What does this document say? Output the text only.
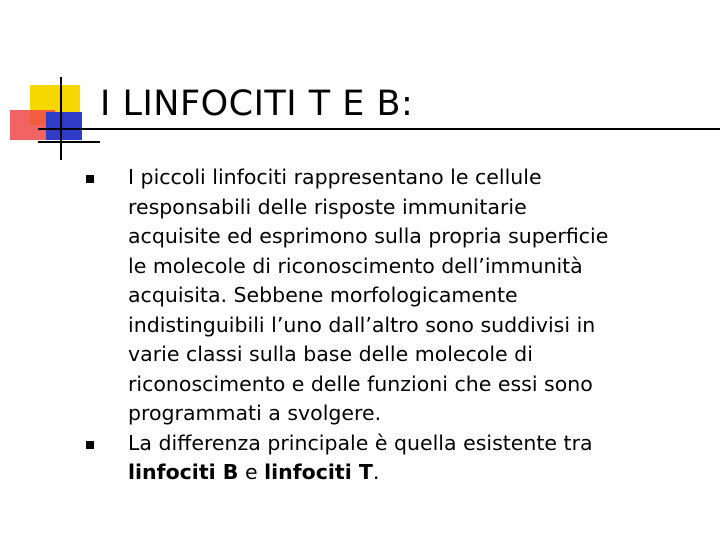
I LINFOCITI T E B:
I piccoli linfociti rappresentano le cellule
responsabili delle risposte immunitarie
acquisite ed esprimono sulla propria superficie
le molecole di riconoscimento dell’immunità
acquisita. Sebbene morfologicamente
indistinguibili l’uno dall’altro sono suddivisi in
varie classi sulla base delle molecole di
riconoscimento e delle funzioni che essi sono
programmati a svolgere.
La differenza principale è quella esistente tra
linfociti B e linfociti T.
